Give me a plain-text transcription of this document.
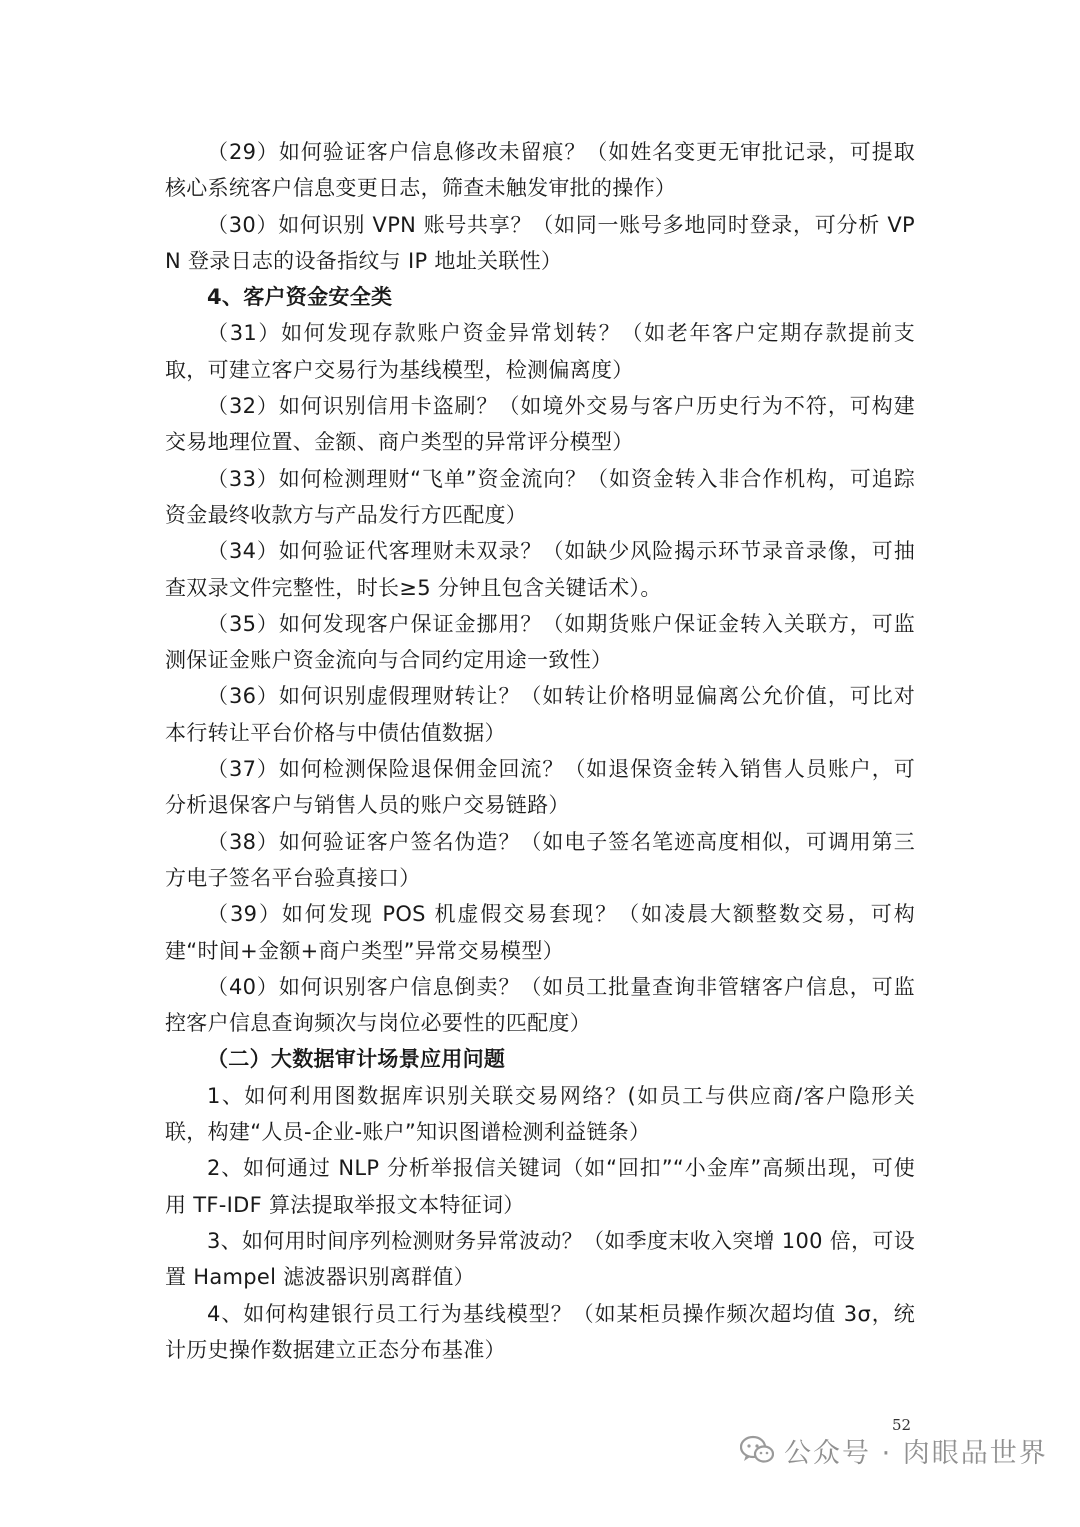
（29）如何验证客户信息修改未留痕？（如姓名变更无审批记录，可提取核心系统客户信息变更日志，筛查未触发审批的操作）

（30）如何识别 VPN 账号共享？（如同一账号多地同时登录，可分析 VPN 登录日志的设备指纹与 IP 地址关联性）

4、客户资金安全类

（31）如何发现存款账户资金异常划转？（如老年客户定期存款提前支取，可建立客户交易行为基线模型，检测偏离度）

（32）如何识别信用卡盗刷？（如境外交易与客户历史行为不符，可构建交易地理位置、金额、商户类型的异常评分模型）

（33）如何检测理财“飞单”资金流向？（如资金转入非合作机构，可追踪资金最终收款方与产品发行方匹配度）

（34）如何验证代客理财未双录？（如缺少风险揭示环节录音录像，可抽查双录文件完整性，时长≥5 分钟且包含关键话术）。

（35）如何发现客户保证金挪用？（如期货账户保证金转入关联方，可监测保证金账户资金流向与合同约定用途一致性）

（36）如何识别虚假理财转让？（如转让价格明显偏离公允价值，可比对本行转让平台价格与中债估值数据）

（37）如何检测保险退保佣金回流？（如退保资金转入销售人员账户，可分析退保客户与销售人员的账户交易链路）

（38）如何验证客户签名伪造？（如电子签名笔迹高度相似，可调用第三方电子签名平台验真接口）

（39）如何发现 POS 机虚假交易套现？（如凌晨大额整数交易，可构建“时间+金额+商户类型”异常交易模型）

（40）如何识别客户信息倒卖？（如员工批量查询非管辖客户信息，可监控客户信息查询频次与岗位必要性的匹配度）

（二）大数据审计场景应用问题

1、如何利用图数据库识别关联交易网络？(如员工与供应商/客户隐形关联，构建“人员-企业-账户”知识图谱检测利益链条）

2、如何通过 NLP 分析举报信关键词（如“回扣”“小金库”高频出现，可使用 TF-IDF 算法提取举报文本特征词）

3、如何用时间序列检测财务异常波动？（如季度末收入突增 100 倍，可设置 Hampel 滤波器识别离群值）

4、如何构建银行员工行为基线模型？（如某柜员操作频次超均值 3σ，统计历史操作数据建立正态分布基准）

52
公众号 · 肉眼品世界
